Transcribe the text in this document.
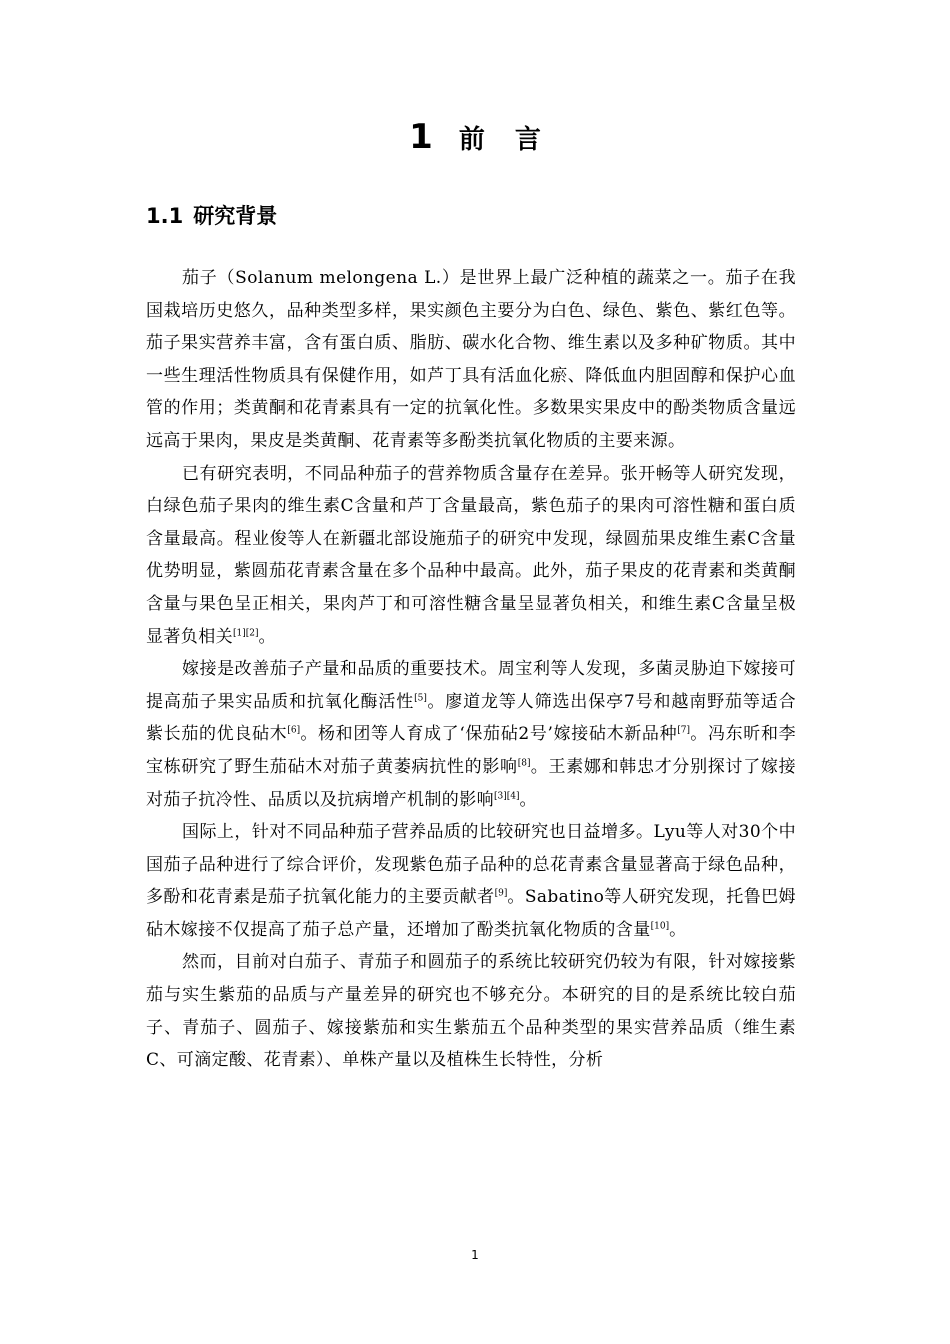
1 前言
1.1 研究背景

茄子（Solanum melongena L.）是世界上最广泛种植的蔬菜之一。茄子在我国栽培历史悠久，品种类型多样，果实颜色主要分为白色、绿色、紫色、紫红色等。茄子果实营养丰富，含有蛋白质、脂肪、碳水化合物、维生素以及多种矿物质。其中一些生理活性物质具有保健作用，如芦丁具有活血化瘀、降低血内胆固醇和保护心血管的作用；类黄酮和花青素具有一定的抗氧化性。多数果实果皮中的酚类物质含量远远高于果肉，果皮是类黄酮、花青素等多酚类抗氧化物质的主要来源。

已有研究表明，不同品种茄子的营养物质含量存在差异。张开畅等人研究发现，白绿色茄子果肉的维生素C含量和芦丁含量最高，紫色茄子的果肉可溶性糖和蛋白质含量最高。程业俊等人在新疆北部设施茄子的研究中发现，绿圆茄果皮维生素C含量优势明显，紫圆茄花青素含量在多个品种中最高。此外，茄子果皮的花青素和类黄酮含量与果色呈正相关，果肉芦丁和可溶性糖含量呈显著负相关，和维生素C含量呈极显著负相关[1][2]。

嫁接是改善茄子产量和品质的重要技术。周宝利等人发现，多菌灵胁迫下嫁接可提高茄子果实品质和抗氧化酶活性[5]。廖道龙等人筛选出保亭7号和越南野茄等适合紫长茄的优良砧木[6]。杨和团等人育成了‘保茄砧2号’嫁接砧木新品种[7]。冯东昕和李宝栋研究了野生茄砧木对茄子黄萎病抗性的影响[8]。王素娜和韩忠才分别探讨了嫁接对茄子抗冷性、品质以及抗病增产机制的影响[3][4]。

国际上，针对不同品种茄子营养品质的比较研究也日益增多。Lyu等人对30个中国茄子品种进行了综合评价，发现紫色茄子品种的总花青素含量显著高于绿色品种，多酚和花青素是茄子抗氧化能力的主要贡献者[9]。Sabatino等人研究发现，托鲁巴姆砧木嫁接不仅提高了茄子总产量，还增加了酚类抗氧化物质的含量[10]。

然而，目前对白茄子、青茄子和圆茄子的系统比较研究仍较为有限，针对嫁接紫茄与实生紫茄的品质与产量差异的研究也不够充分。本研究的目的是系统比较白茄子、青茄子、圆茄子、嫁接紫茄和实生紫茄五个品种类型的果实营养品质（维生素C、可滴定酸、花青素）、单株产量以及植株生长特性，分析

1
